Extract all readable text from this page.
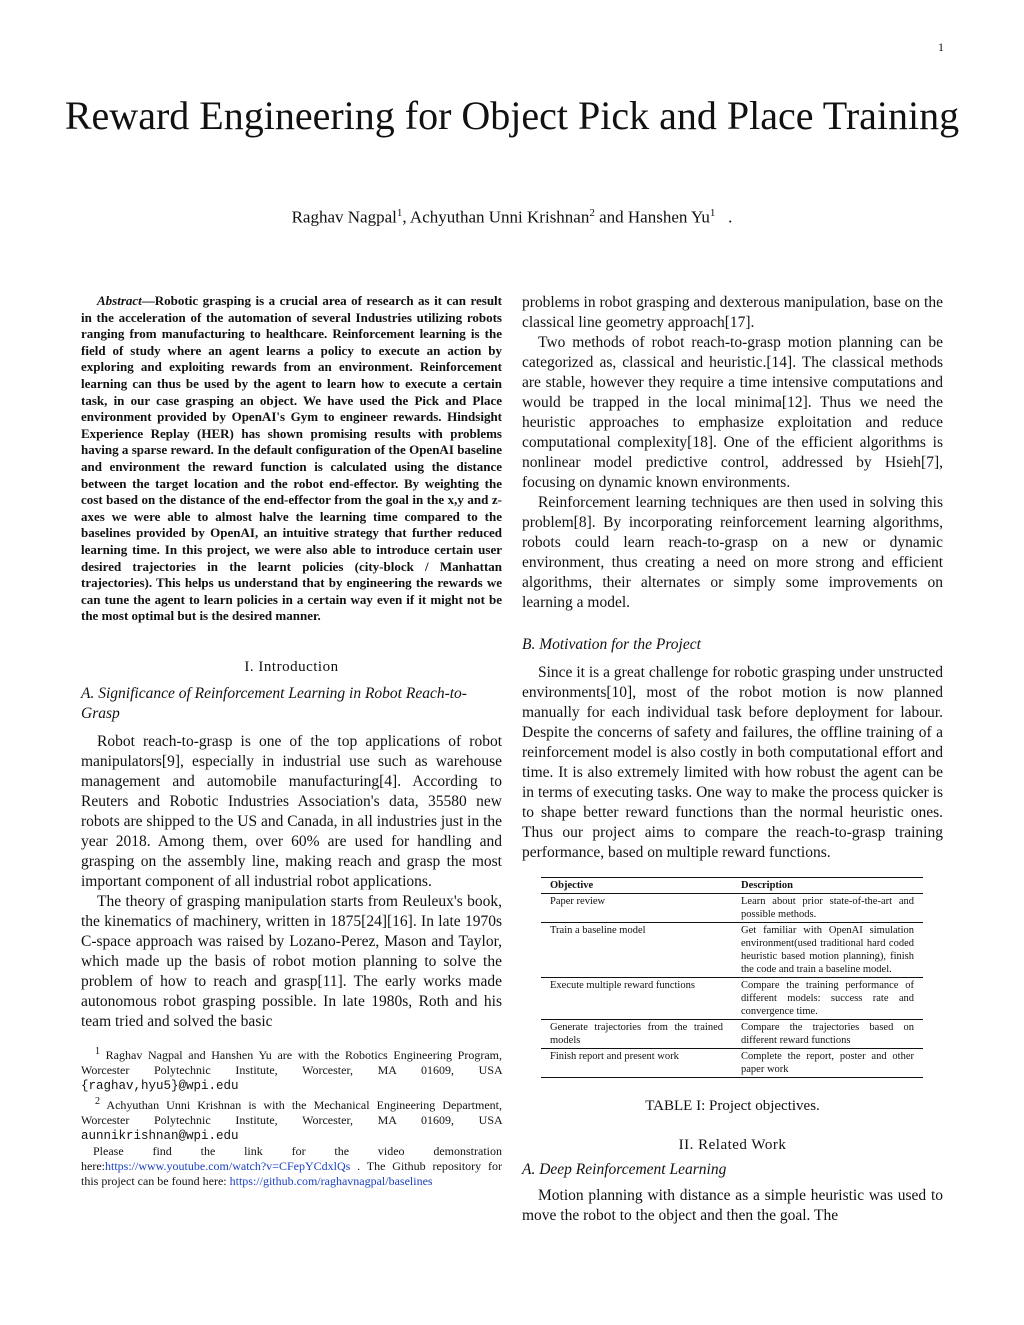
1
Reward Engineering for Object Pick and Place Training
Raghav Nagpal$^1$, Achyuthan Unni Krishnan$^2$ and Hanshen Yu$^1$   .

Abstract—Robotic grasping is a crucial area of research as it can result in the acceleration of the automation of several Industries utilizing robots ranging from manufacturing to healthcare. Reinforcement learning is the field of study where an agent learns a policy to execute an action by exploring and exploiting rewards from an environment. Reinforcement learning can thus be used by the agent to learn how to execute a certain task, in our case grasping an object. We have used the Pick and Place environment provided by OpenAI's Gym to engineer rewards. Hindsight Experience Replay (HER) has shown promising results with problems having a sparse reward. In the default configuration of the OpenAI baseline and environment the reward function is calculated using the distance between the target location and the robot end-effector. By weighting the cost based on the distance of the end-effector from the goal in the x,y and z-axes we were able to almost halve the learning time compared to the baselines provided by OpenAI, an intuitive strategy that further reduced learning time. In this project, we were also able to introduce certain user desired trajectories in the learnt policies (city-block / Manhattan trajectories). This helps us understand that by engineering the rewards we can tune the agent to learn policies in a certain way even if it might not be the most optimal but is the desired manner.

I. Introduction

A. Significance of Reinforcement Learning in Robot Reach-to-Grasp

Robot reach-to-grasp is one of the top applications of robot manipulators[9], especially in industrial use such as warehouse management and automobile manufacturing[4]. According to Reuters and Robotic Industries Association's data, 35580 new robots are shipped to the US and Canada, in all industries just in the year 2018. Among them, over 60% are used for handling and grasping on the assembly line, making reach and grasp the most important component of all industrial robot applications.

The theory of grasping manipulation starts from Reuleux's book, the kinematics of machinery, written in 1875[24][16]. In late 1970s C-space approach was raised by Lozano-Perez, Mason and Taylor, which made up the basis of robot motion planning to solve the problem of how to reach and grasp[11]. The early works made autonomous robot grasping possible. In late 1980s, Roth and his team tried and solved the basic

$^1$ Raghav Nagpal and Hanshen Yu are with the Robotics Engineering Program, Worcester Polytechnic Institute, Worcester, MA 01609, USA {raghav,hyu5}@wpi.edu

$^2$ Achyuthan Unni Krishnan is with the Mechanical Engineering Department, Worcester Polytechnic Institute, Worcester, MA 01609, USA aunnikrishnan@wpi.edu

Please find the link for the video demonstration here:https://www.youtube.com/watch?v=CFepYCdxlQs . The Github repository for this project can be found here: https://github.com/raghavnagpal/baselines

problems in robot grasping and dexterous manipulation, base on the classical line geometry approach[17].

Two methods of robot reach-to-grasp motion planning can be categorized as, classical and heuristic.[14]. The classical methods are stable, however they require a time intensive computations and would be trapped in the local minima[12]. Thus we need the heuristic approaches to emphasize exploitation and reduce computational complexity[18]. One of the efficient algorithms is nonlinear model predictive control, addressed by Hsieh[7], focusing on dynamic known environments.

Reinforcement learning techniques are then used in solving this problem[8]. By incorporating reinforcement learning algorithms, robots could learn reach-to-grasp on a new or dynamic environment, thus creating a need on more strong and efficient algorithms, their alternates or simply some improvements on learning a model.

B. Motivation for the Project

Since it is a great challenge for robotic grasping under unstructed environments[10], most of the robot motion is now planned manually for each individual task before deployment for labour. Despite the concerns of safety and failures, the offline training of a reinforcement model is also costly in both computational effort and time. It is also extremely limited with how robust the agent can be in terms of executing tasks. One way to make the process quicker is to shape better reward functions than the normal heuristic ones. Thus our project aims to compare the reach-to-grasp training performance, based on multiple reward functions.

Objective	Description
Paper review	Learn about prior state-of-the-art and possible methods.
Train a baseline model	Get familiar with OpenAI simulation environment(used traditional hard coded heuristic based motion planning), finish the code and train a baseline model.
Execute multiple reward functions	Compare the training performance of different models: success rate and convergence time.
Generate trajectories from the trained models	Compare the trajectories based on different reward functions
Finish report and present work	Complete the report, poster and other paper work

TABLE I: Project objectives.

II. Related Work

A. Deep Reinforcement Learning

Motion planning with distance as a simple heuristic was used to move the robot to the object and then the goal. The
